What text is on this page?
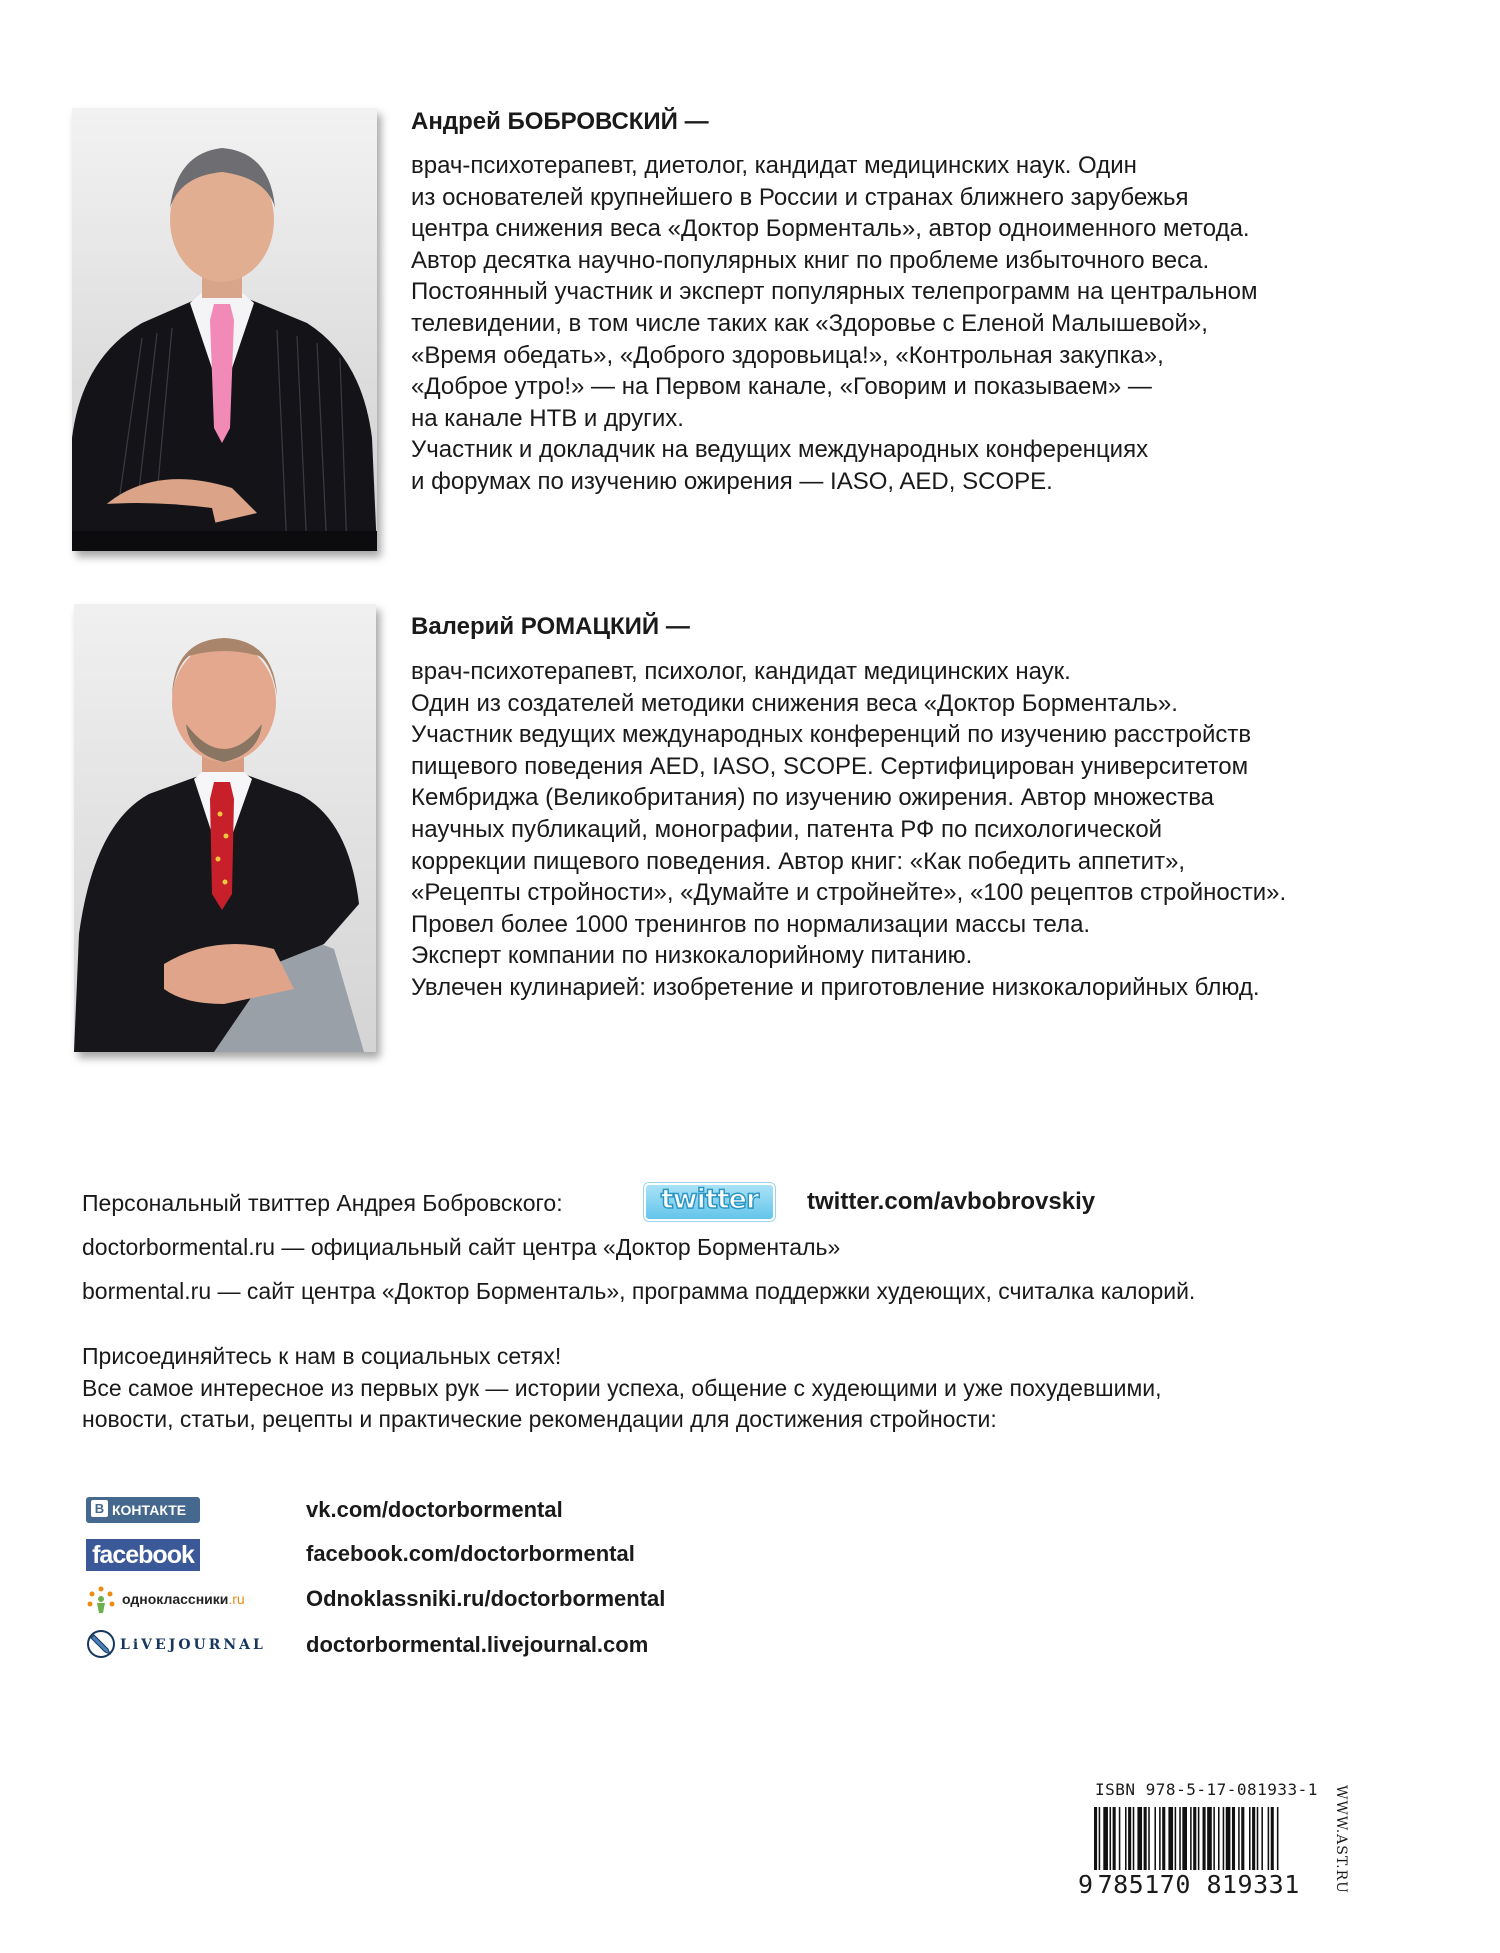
Андрей БОБРОВСКИЙ —
врач-психотерапевт, диетолог, кандидат медицинских наук. Один
из основателей крупнейшего в России и странах ближнего зарубежья
центра снижения веса «Доктор Борменталь», автор одноименного метода.
Автор десятка научно-популярных книг по проблеме избыточного веса.
Постоянный участник и эксперт популярных телепрограмм на центральном
телевидении, в том числе таких как «Здоровье с Еленой Малышевой»,
«Время обедать», «Доброго здоровьица!», «Контрольная закупка»,
«Доброе утро!» — на Первом канале, «Говорим и показываем» —
на канале НТВ и других.
Участник и докладчик на ведущих международных конференциях
и форумах по изучению ожирения — IASO, AED, SCOPE.
Валерий РОМАЦКИЙ —
врач-психотерапевт, психолог, кандидат медицинских наук.
Один из создателей методики снижения веса «Доктор Борменталь».
Участник ведущих международных конференций по изучению расстройств
пищевого поведения AED, IASO, SCOPE. Сертифицирован университетом
Кембриджа (Великобритания) по изучению ожирения. Автор множества
научных публикаций, монографии, патента РФ по психологической
коррекции пищевого поведения. Автор книг: «Как победить аппетит»,
«Рецепты стройности», «Думайте и стройнейте», «100 рецептов стройности».
Провел более 1000 тренингов по нормализации массы тела.
Эксперт компании по низкокалорийному питанию.
Увлечен кулинарией: изобретение и приготовление низкокалорийных блюд.

Персональный твиттер Андрея Бобровского:	twitter	twitter.com/avbobrovskiy

doctorbormental.ru — официальный сайт центра «Доктор Борменталь»

bormental.ru — сайт центра «Доктор Борменталь», программа поддержки худеющих, считалка калорий.

Присоединяйтесь к нам в социальных сетях!
Все самое интересное из первых рук — истории успеха, общение с худеющими и уже похудевшими,
новости, статьи, рецепты и практические рекомендации для достижения стройности:
В КОНТАКТЕ	vk.com/doctorbormental
facebook	facebook.com/doctorbormental
одноклассники.ru	Odnoklassniki.ru/doctorbormental
LiVEJOURNAL doctorbormental.livejournal.com
ISBN 978-5-17-081933-1
9 785170 819331 WWW.AST.RU
